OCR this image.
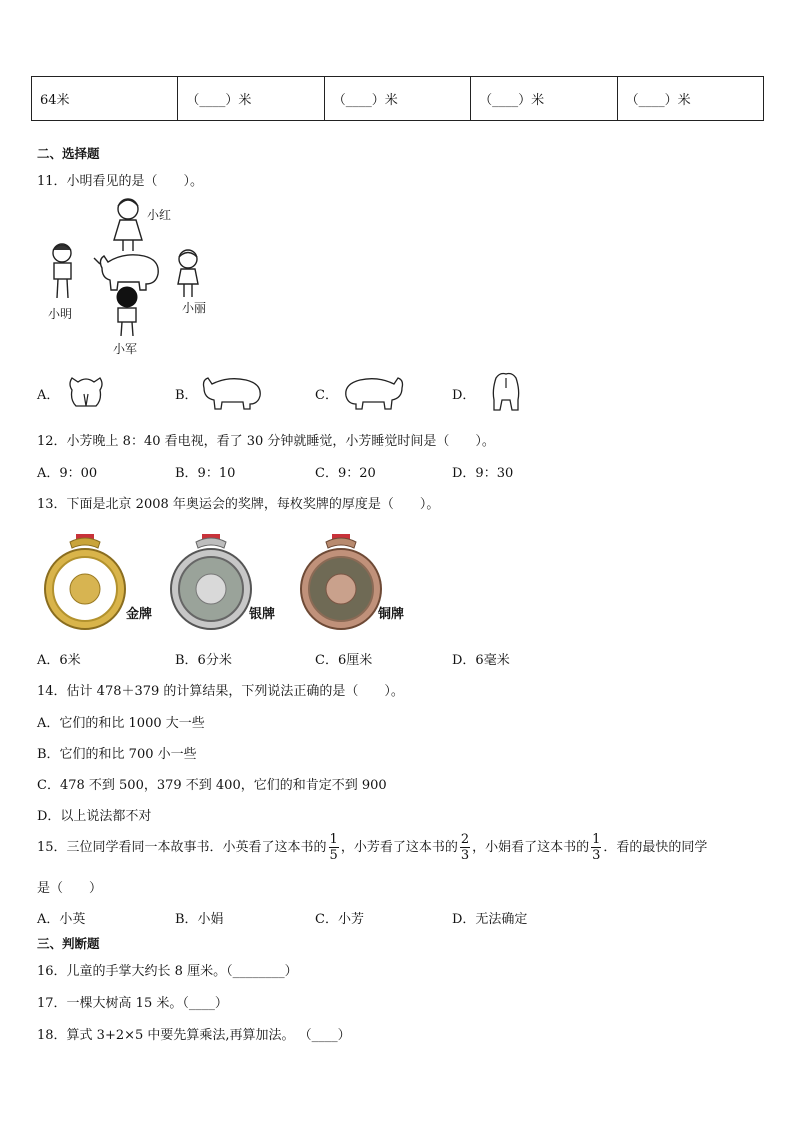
64米	（____）米	（____）米	（____）米	（____）米
二、选择题
11．小明看见的是（　　）。
小红
小明	小丽
小军
A．	B．	C．	D．
12．小芳晚上 8：40 看电视，看了 30 分钟就睡觉，小芳睡觉时间是（　　）。
A．9：00	B．9：10	C．9：20	D．9：30
13．下面是北京 2008 年奥运会的奖牌，每枚奖牌的厚度是（　　）。
金牌	银牌	铜牌
A．6米	B．6分米	C．6厘米	D．6毫米
14．估计 478＋379 的计算结果，下列说法正确的是（　　）。
A．它们的和比 1000 大一些
B．它们的和比 700 小一些
C．478 不到 500，379 不到 400，它们的和肯定不到 900
D．以上说法都不对
15．三位同学看同一本故事书．小英看了这本书的 $\frac{1}{5}$ ，小芳看了这本书的 $\frac{2}{3}$ ，小娟看了这本书的 $\frac{1}{3}$ ．看的最快的同学
是（　　）
A．小英	B．小娟	C．小芳	D．无法确定
三、判断题
16．儿童的手掌大约长 8 厘米。（________）
17．一棵大树高 15 米。（____）
18．算式 3+2×5 中要先算乘法,再算加法。 （____）
